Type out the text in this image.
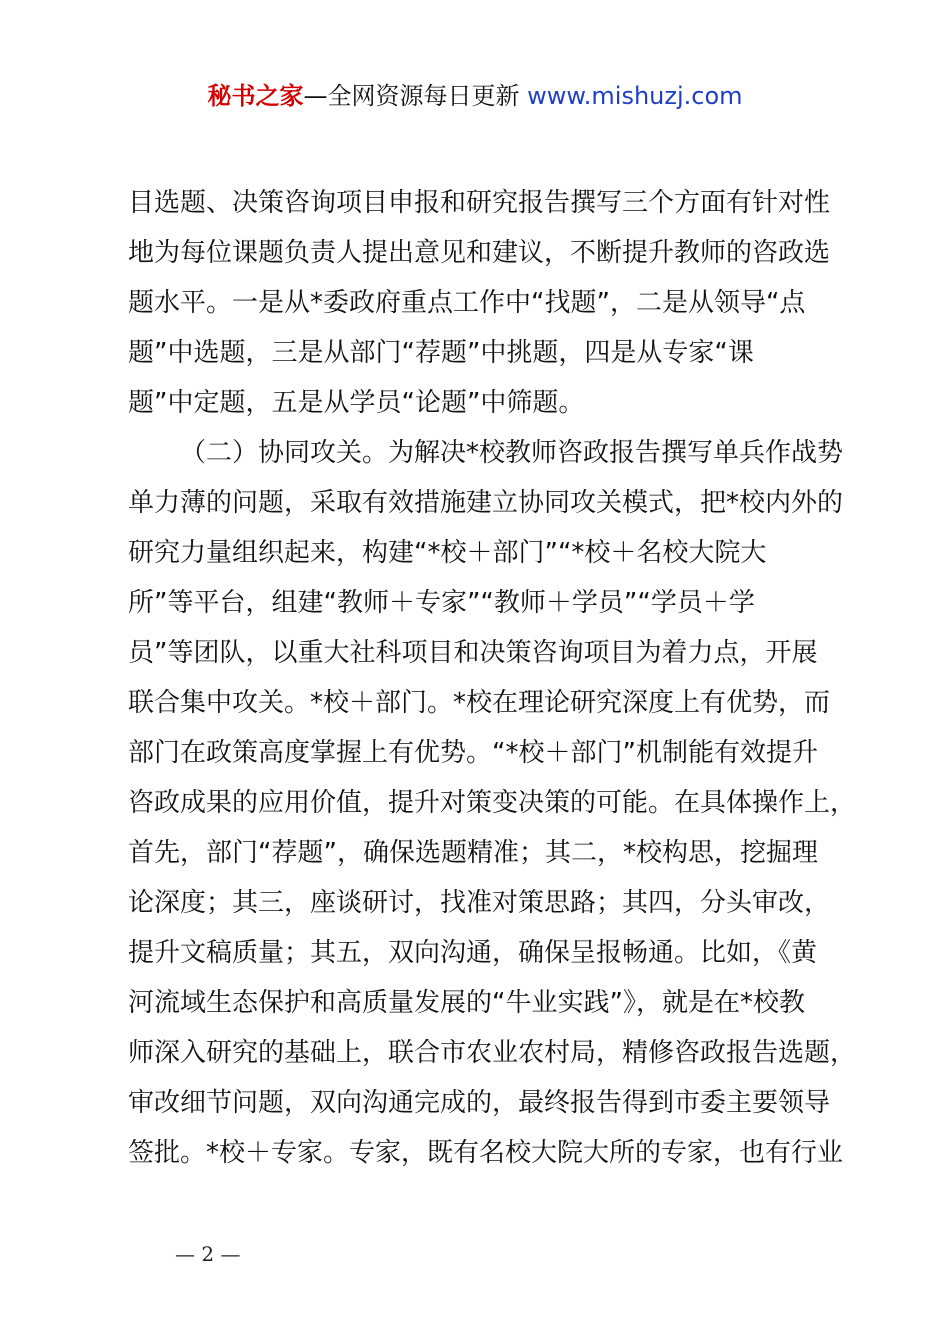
秘书之家—全网资源每日更新 www.mishuzj.com
目选题、决策咨询项目申报和研究报告撰写三个方面有针对性
地为每位课题负责人提出意见和建议，不断提升教师的咨政选
题水平。一是从*委政府重点工作中“找题”，二是从领导“点
题”中选题，三是从部门“荐题”中挑题，四是从专家“课
题”中定题，五是从学员“论题”中筛题。
（二）协同攻关。为解决*校教师咨政报告撰写单兵作战势
单力薄的问题，采取有效措施建立协同攻关模式，把*校内外的
研究力量组织起来，构建“*校＋部门”“*校＋名校大院大
所”等平台，组建“教师＋专家”“教师＋学员”“学员＋学
员”等团队，以重大社科项目和决策咨询项目为着力点，开展
联合集中攻关。*校＋部门。*校在理论研究深度上有优势，而
部门在政策高度掌握上有优势。“*校＋部门”机制能有效提升
咨政成果的应用价值，提升对策变决策的可能。在具体操作上，
首先，部门“荐题”，确保选题精准；其二，*校构思，挖掘理
论深度；其三，座谈研讨，找准对策思路；其四，分头审改，
提升文稿质量；其五，双向沟通，确保呈报畅通。比如，《黄
河流域生态保护和高质量发展的“牛业实践”》，就是在*校教
师深入研究的基础上，联合市农业农村局，精修咨政报告选题，
审改细节问题，双向沟通完成的，最终报告得到市委主要领导
签批。*校＋专家。专家，既有名校大院大所的专家，也有行业
— 2 —
